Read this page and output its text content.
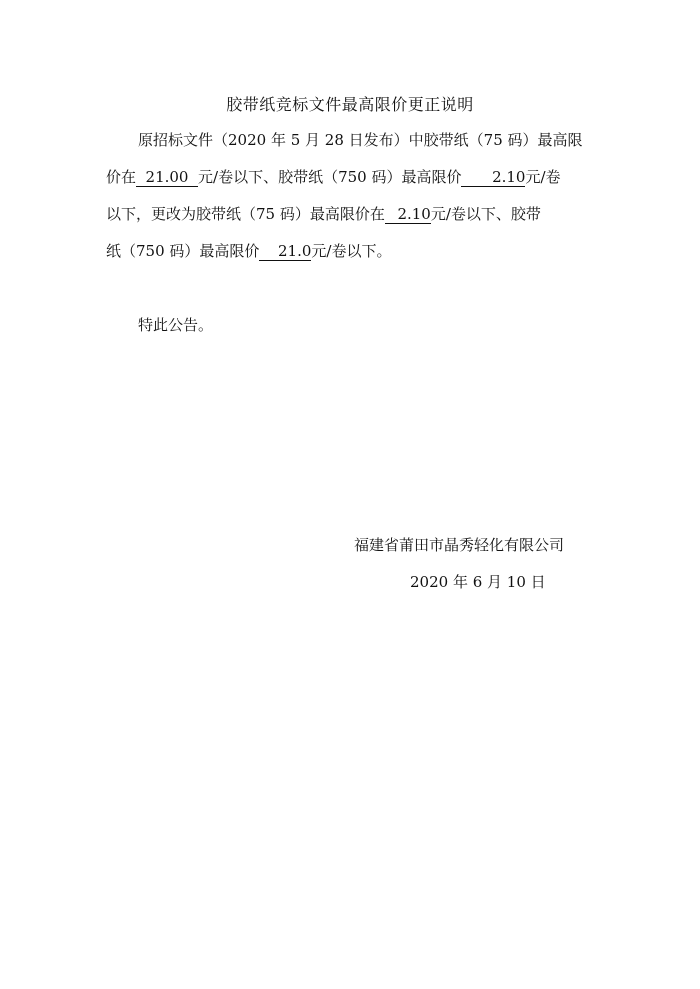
胶带纸竞标文件最高限价更正说明
原招标文件（2020 年 5 月 28 日发布）中胶带纸（75 码）最高限
价在 21.00 元/卷以下、胶带纸（750 码）最高限价 2.10元/卷
以下，更改为胶带纸（75 码）最高限价在 2.10元/卷以下、胶带
纸（750 码）最高限价 21.0元/卷以下。
特此公告。
福建省莆田市晶秀轻化有限公司
2020 年 6 月 10 日
